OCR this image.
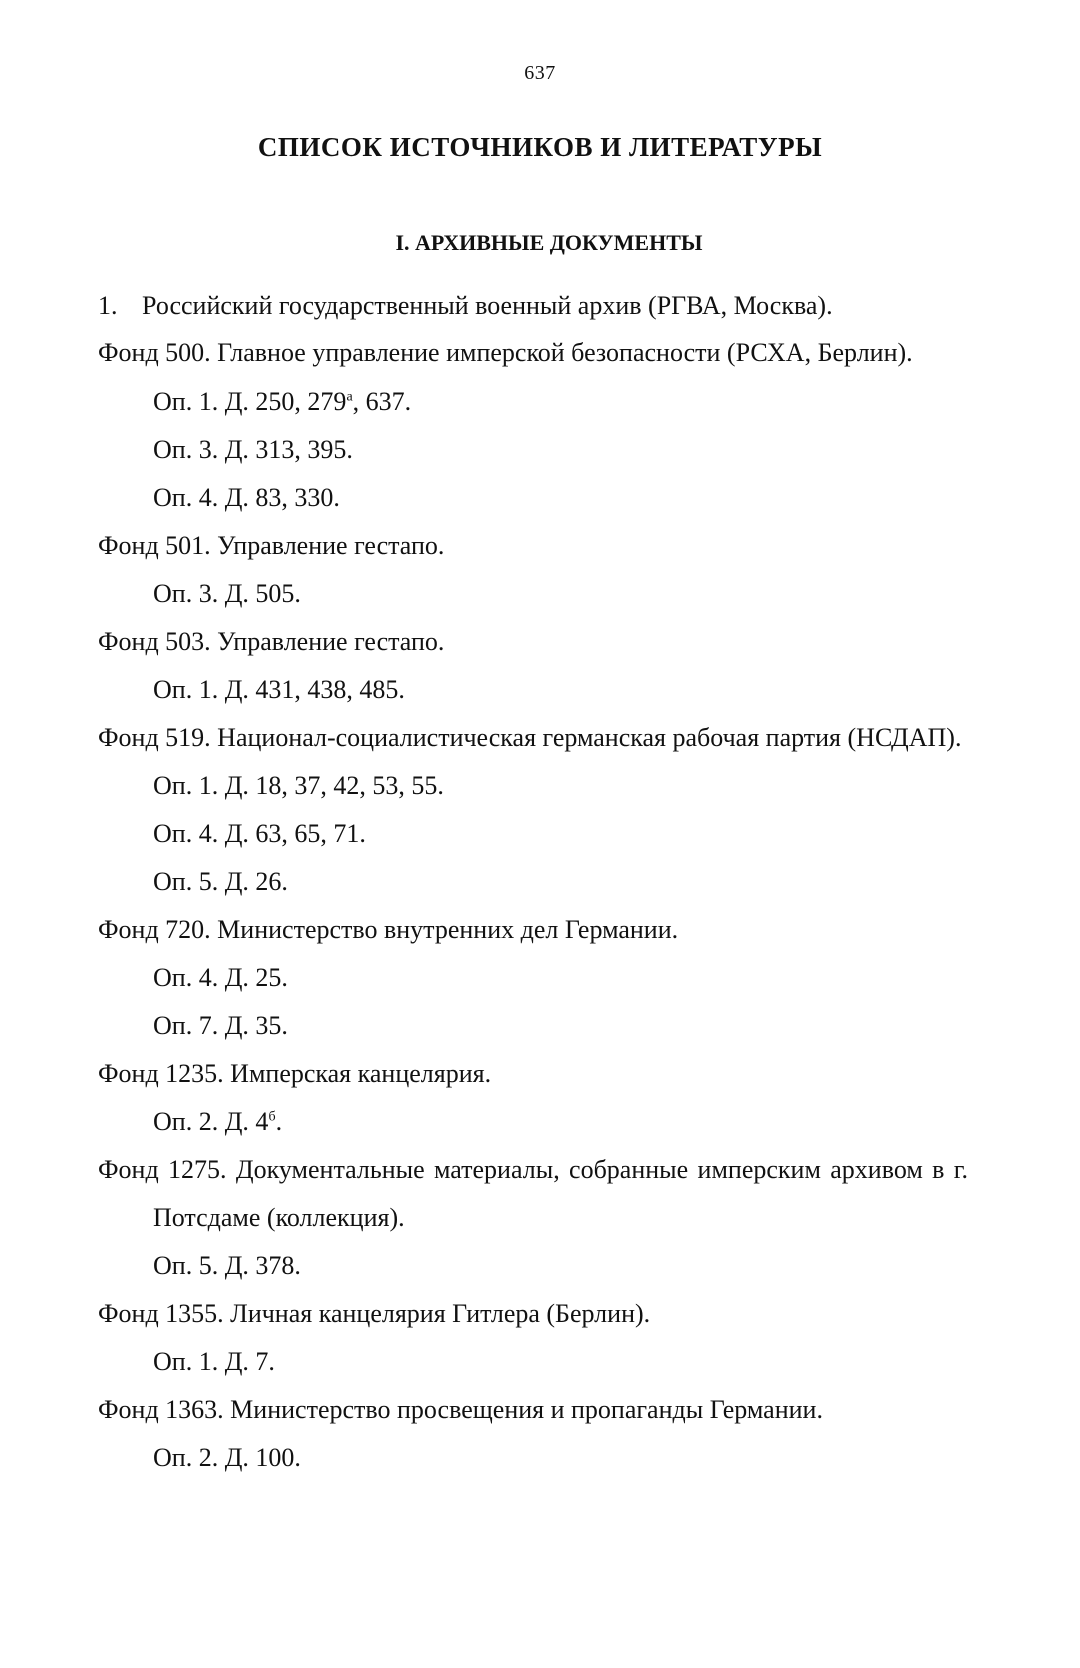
637
СПИСОК ИСТОЧНИКОВ И ЛИТЕРАТУРЫ
I. АРХИВНЫЕ ДОКУМЕНТЫ
1. Российский государственный военный архив (РГВА, Москва).
Фонд 500. Главное управление имперской безопасности (РСХА, Берлин).
Оп. 1. Д. 250, $279^а$, 637.
Оп. 3. Д. 313, 395.
Оп. 4. Д. 83, 330.
Фонд 501. Управление гестапо.
Оп. 3. Д. 505.
Фонд 503. Управление гестапо.
Оп. 1. Д. 431, 438, 485.
Фонд 519. Национал-социалистическая германская рабочая партия (НСДАП).
Оп. 1. Д. 18, 37, 42, 53, 55.
Оп. 4. Д. 63, 65, 71.
Оп. 5. Д. 26.
Фонд 720. Министерство внутренних дел Германии.
Оп. 4. Д. 25.
Оп. 7. Д. 35.
Фонд 1235. Имперская канцелярия.
Оп. 2. Д. $4^б$.
Фонд 1275. Документальные материалы, собранные имперским архивом в г.
Потсдаме (коллекция).
Оп. 5. Д. 378.
Фонд 1355. Личная канцелярия Гитлера (Берлин).
Оп. 1. Д. 7.
Фонд 1363. Министерство просвещения и пропаганды Германии.
Оп. 2. Д. 100.
